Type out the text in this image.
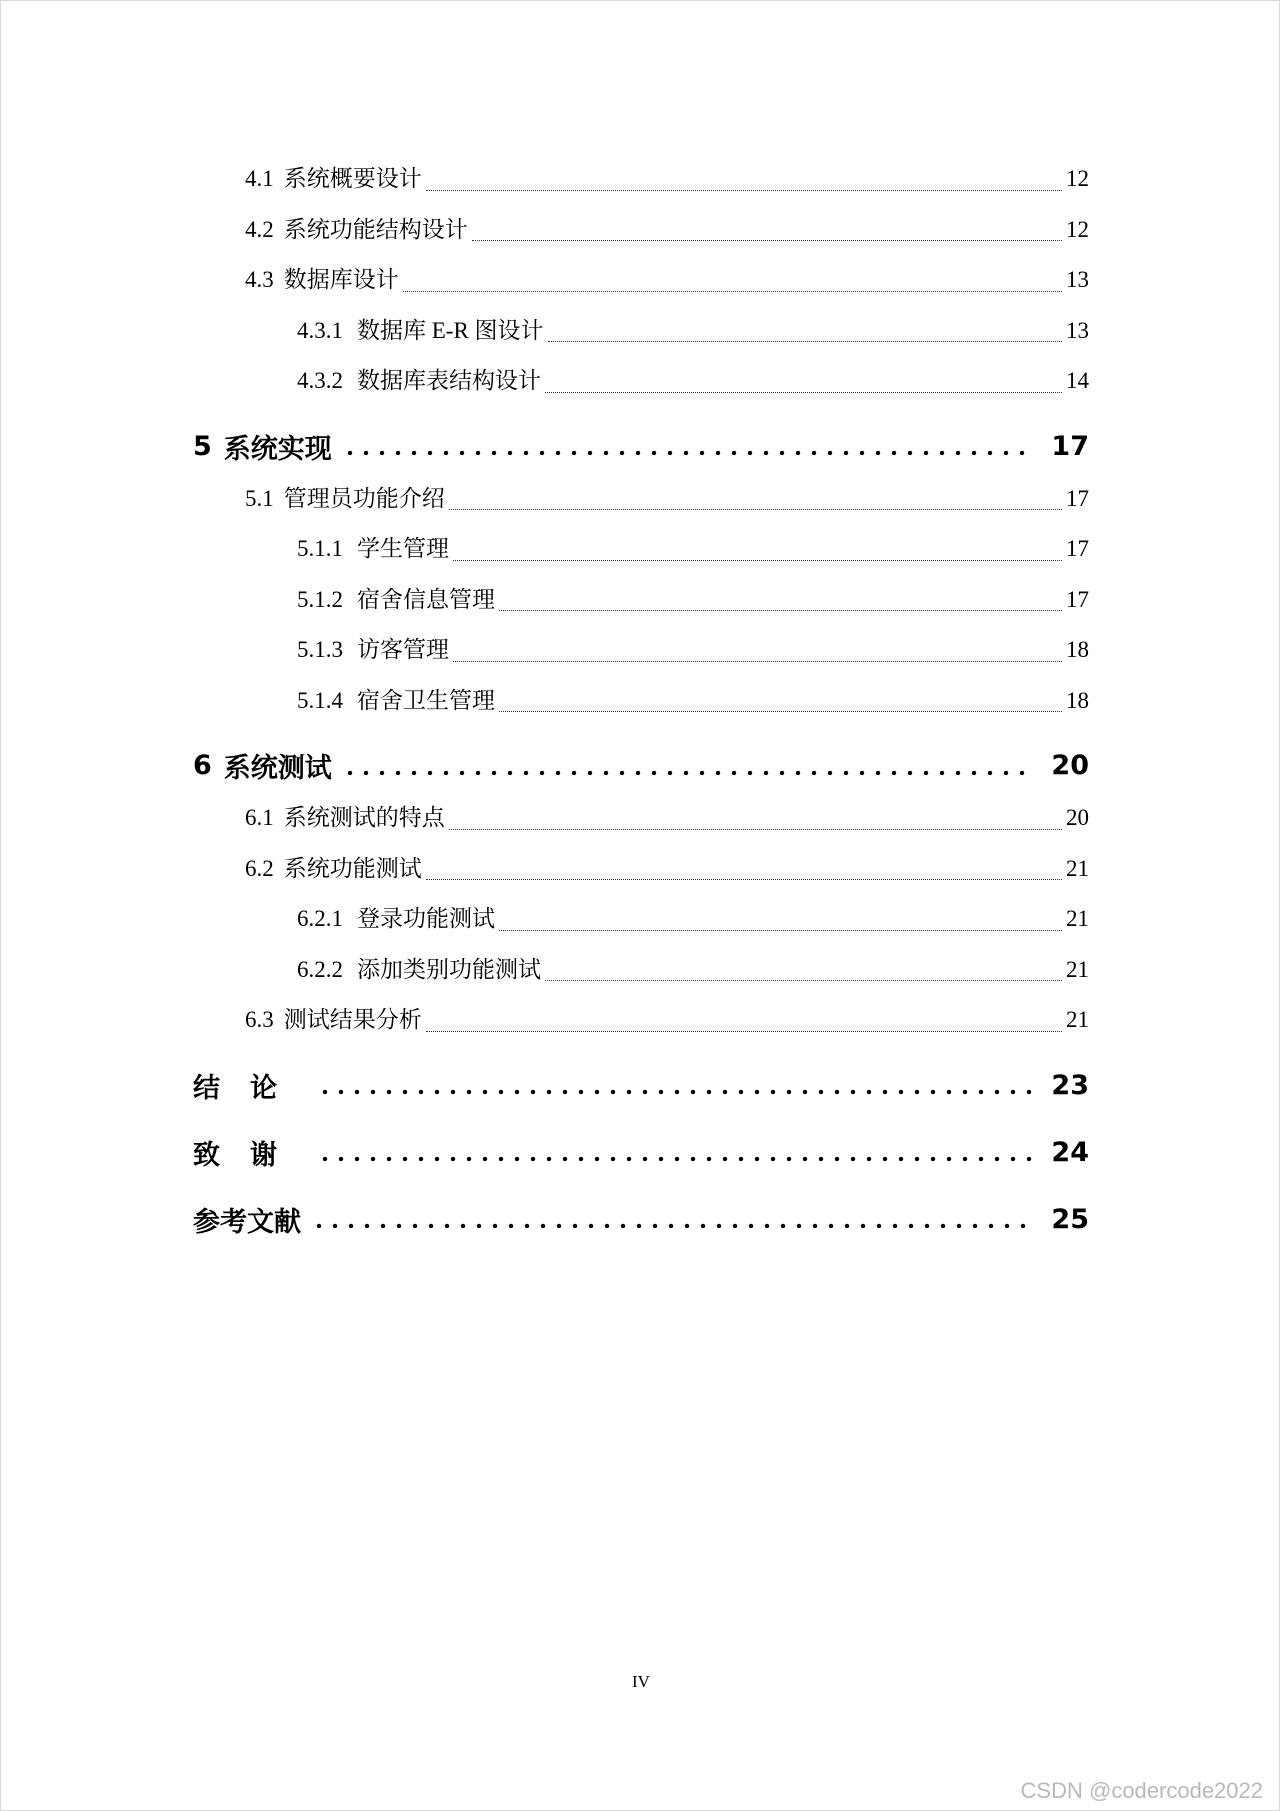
4.1 系统概要设计	12
4.2 系统功能结构设计	12
4.3 数据库设计	13
4.3.1 数据库 E-R 图设计	13
4.3.2 数据库表结构设计	14
5 系统实现	17
5.1 管理员功能介绍	17
5.1.1 学生管理	17
5.1.2 宿舍信息管理	17
5.1.3 访客管理	18
5.1.4 宿舍卫生管理	18
6 系统测试	20
6.1 系统测试的特点	20
6.2 系统功能测试	21
6.2.1 登录功能测试	21
6.2.2 添加类别功能测试	21
6.3 测试结果分析	21
结论	23
致谢	24
参考文献	25
IV
CSDN @codercode2022
